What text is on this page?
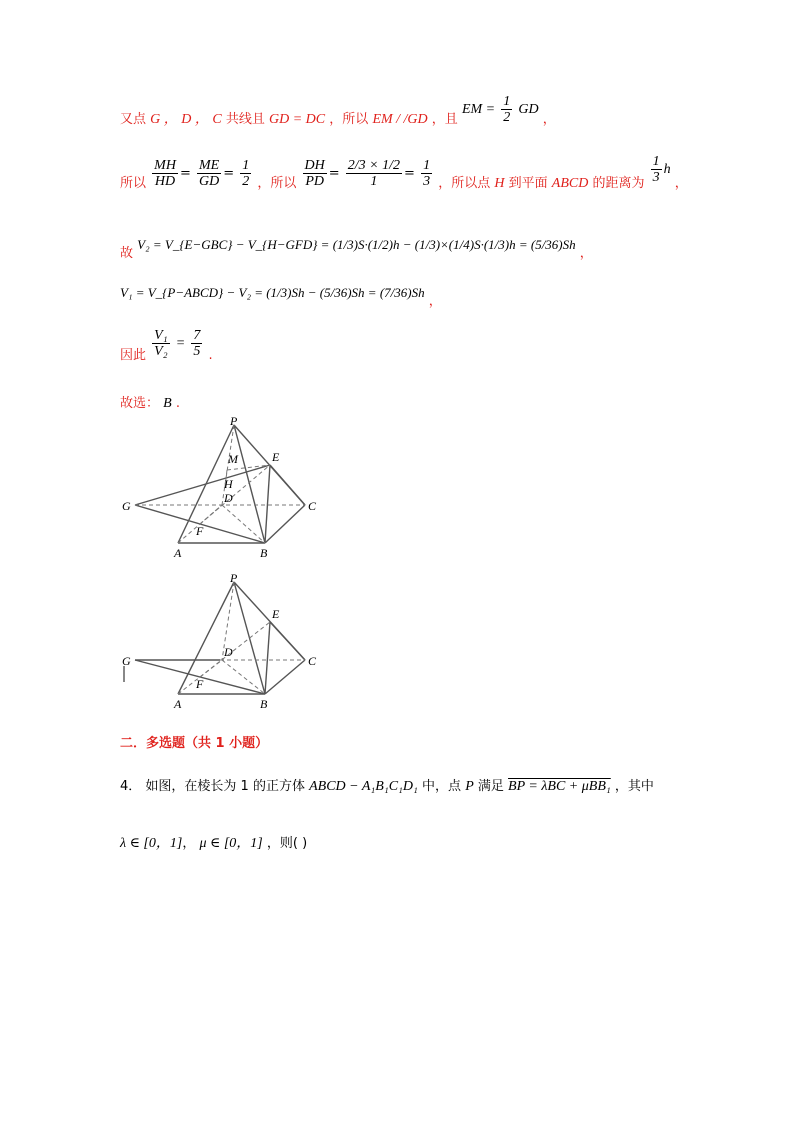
又点 G ， D ， C 共线且 GD = DC ，所以 EM / /GD ，且 EM = $\frac{1}{2}$ GD ，
所以 $\frac{MH}{HD} = \frac{ME}{GD} = \frac{1}{2}$ ，所以 $\frac{DH}{PD} = \frac{2/3 \times 1/2}{1} = \frac{1}{3}$ ，所以点 H 到平面 ABCD 的距离为 $\frac{1}{3}$ h ，
故 V₂ = V_{E−GBC} − V_{H−GFD} = (1/3)S·(1/2)h − (1/3)×(1/4)S·(1/3)h = (5/36)Sh ，
V₁ = V_{P−ABCD} − V₂ = (1/3)Sh − (5/36)Sh = (7/36)Sh ，
因此 $\frac{\text{V₁}}{\text{V₂}} = \frac{7}{5}$ .
故选： B .
P
M	E
H
D
G	C
F
A	B
P
E
D
G	C
F
A	B
二．多选题（共 1 小题）
4． 如图，在棱长为 1 的正方体 ABCD − A₁B₁C₁D₁ 中，点 P 满足 BP = λBC + μBB₁ ，其中
λ ∈ [0，1]， μ ∈ [0，1] ，则( )
